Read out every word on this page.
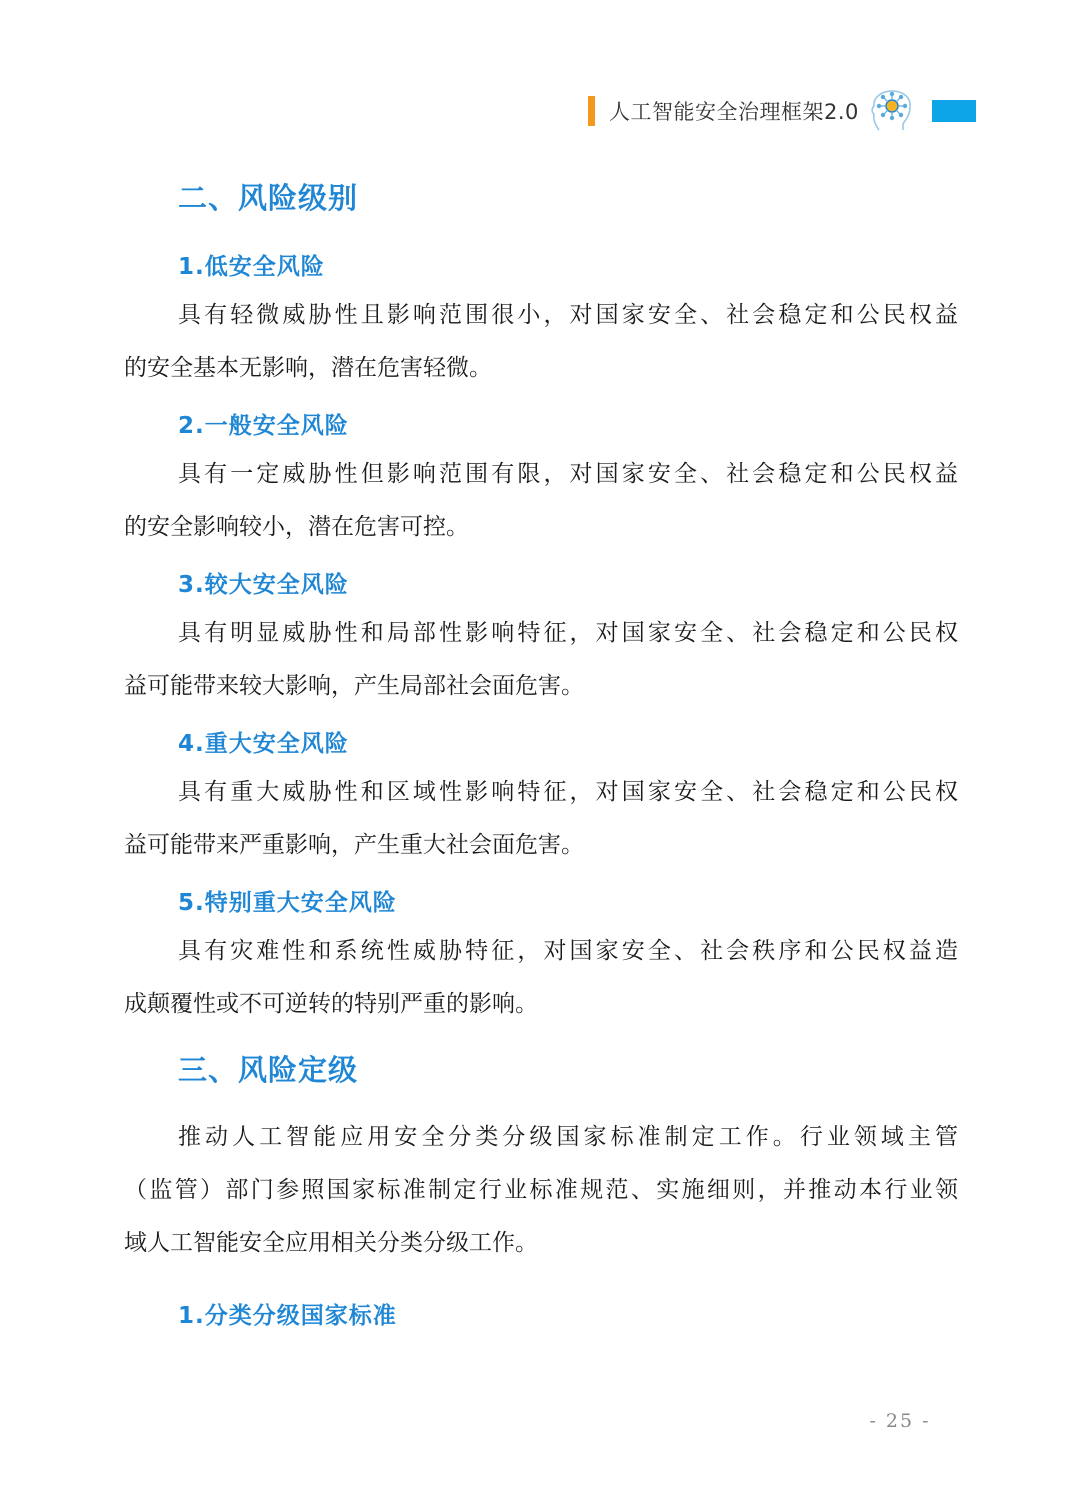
人工智能安全治理框架2.0
二、风险级别
1.低安全风险
具有轻微威胁性且影响范围很小，对国家安全、社会稳定和公民权益
的安全基本无影响，潜在危害轻微。
2.一般安全风险
具有一定威胁性但影响范围有限，对国家安全、社会稳定和公民权益
的安全影响较小，潜在危害可控。
3.较大安全风险
具有明显威胁性和局部性影响特征，对国家安全、社会稳定和公民权
益可能带来较大影响，产生局部社会面危害。
4.重大安全风险
具有重大威胁性和区域性影响特征，对国家安全、社会稳定和公民权
益可能带来严重影响，产生重大社会面危害。
5.特别重大安全风险
具有灾难性和系统性威胁特征，对国家安全、社会秩序和公民权益造
成颠覆性或不可逆转的特别严重的影响。
三、风险定级
推动人工智能应用安全分类分级国家标准制定工作。行业领域主管
（监管）部门参照国家标准制定行业标准规范、实施细则，并推动本行业领
域人工智能安全应用相关分类分级工作。
1.分类分级国家标准
- 25 -
